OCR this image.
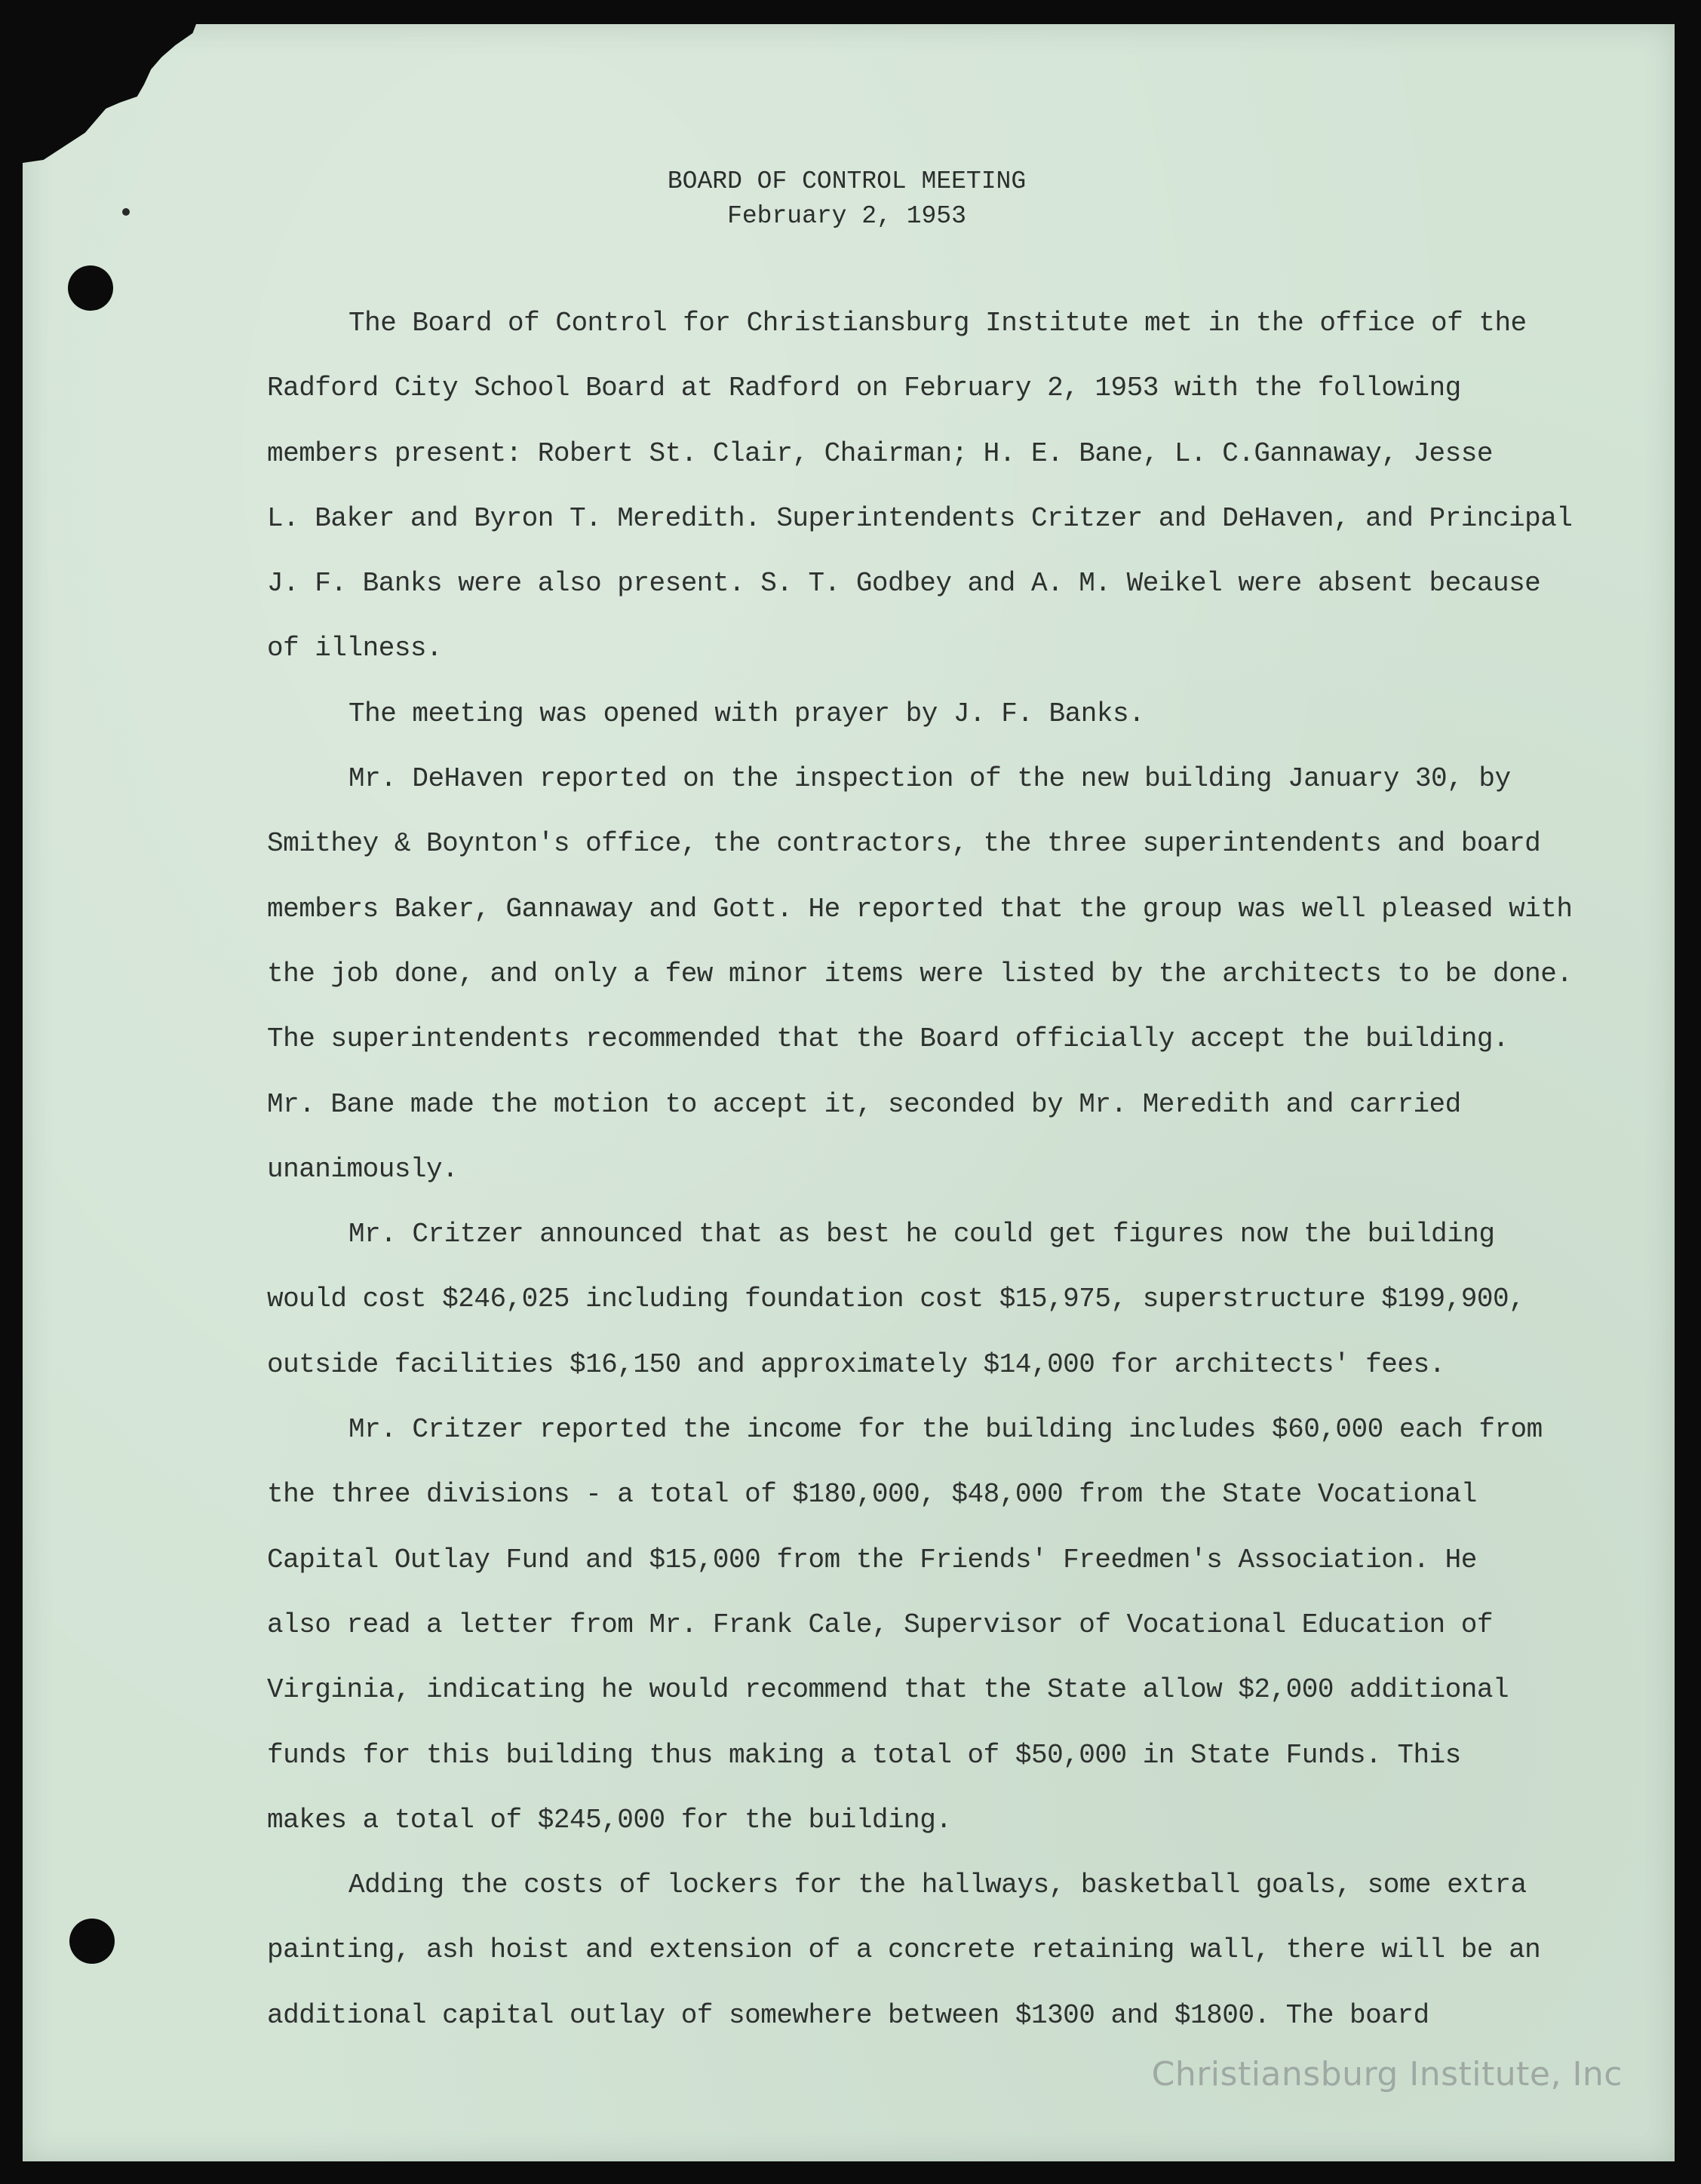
BOARD OF CONTROL MEETING
February 2, 1953
The Board of Control for Christiansburg Institute met in the office of the
Radford City School Board at Radford on February 2, 1953 with the following
members present: Robert St. Clair, Chairman; H. E. Bane, L. C.Gannaway, Jesse
L. Baker and Byron T. Meredith. Superintendents Critzer and DeHaven, and Principal
J. F. Banks were also present. S. T. Godbey and A. M. Weikel were absent because
of illness.
The meeting was opened with prayer by J. F. Banks.
Mr. DeHaven reported on the inspection of the new building January 30, by
Smithey & Boynton's office, the contractors, the three superintendents and board
members Baker, Gannaway and Gott. He reported that the group was well pleased with
the job done, and only a few minor items were listed by the architects to be done.
The superintendents recommended that the Board officially accept the building.
Mr. Bane made the motion to accept it, seconded by Mr. Meredith and carried
unanimously.
Mr. Critzer announced that as best he could get figures now the building
would cost $246,025 including foundation cost $15,975, superstructure $199,900,
outside facilities $16,150 and approximately $14,000 for architects' fees.
Mr. Critzer reported the income for the building includes $60,000 each from
the three divisions - a total of $180,000, $48,000 from the State Vocational
Capital Outlay Fund and $15,000 from the Friends' Freedmen's Association. He
also read a letter from Mr. Frank Cale, Supervisor of Vocational Education of
Virginia, indicating he would recommend that the State allow $2,000 additional
funds for this building thus making a total of $50,000 in State Funds. This
makes a total of $245,000 for the building.
Adding the costs of lockers for the hallways, basketball goals, some extra
painting, ash hoist and extension of a concrete retaining wall, there will be an
additional capital outlay of somewhere between $1300 and $1800. The board
Christiansburg Institute, Inc
